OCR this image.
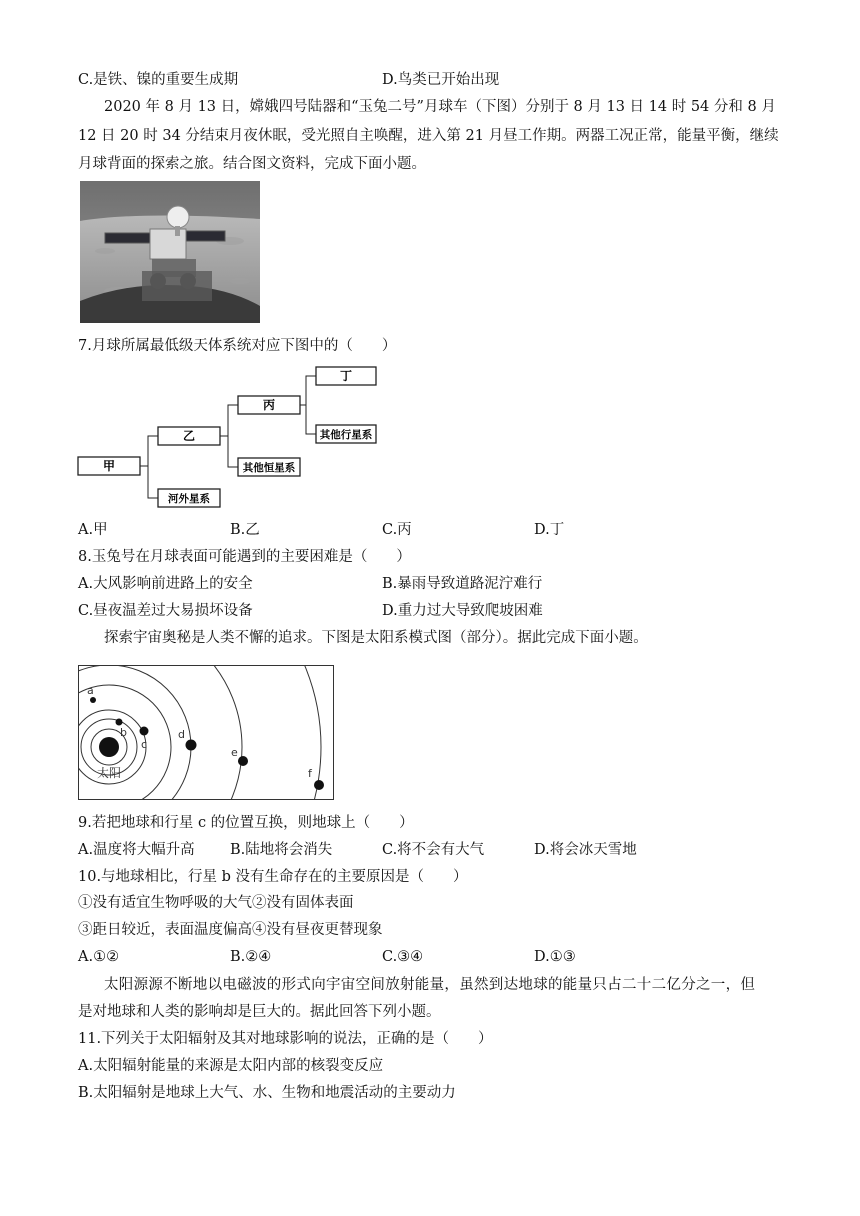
C.是铁、镍的重要生成期	D.鸟类已开始出现
2020 年 8 月 13 日，嫦娥四号陆器和“玉兔二号”月球车（下图）分别于 8 月 13 日 14 时 54 分和 8 月
12 日 20 时 34 分结束月夜休眠，受光照自主唤醒，进入第 21 月昼工作期。两器工况正常，能量平衡，继续
月球背面的探索之旅。结合图文资料，完成下面小题。
7.月球所属最低级天体系统对应下图中的（　　）
甲
乙
丙
丁
其他行星系
其他恒星系
河外星系
A.甲	B.乙	C.丙	D.丁
8.玉兔号在月球表面可能遇到的主要困难是（　　）
A.大风影响前进路上的安全	B.暴雨导致道路泥泞难行
C.昼夜温差过大易损坏设备	D.重力过大导致爬坡困难
探索宇宙奥秘是人类不懈的追求。下图是太阳系模式图（部分）。据此完成下面小题。
太阳
a
b
c
d
e
f
9.若把地球和行星 c 的位置互换，则地球上（　　）
A.温度将大幅升高 B.陆地将会消失	C.将不会有大气	D.将会冰天雪地
10.与地球相比，行星 b 没有生命存在的主要原因是（　　）
①没有适宜生物呼吸的大气②没有固体表面
③距日较近，表面温度偏高④没有昼夜更替现象
A.①②	B.②④	C.③④	D.①③
太阳源源不断地以电磁波的形式向宇宙空间放射能量，虽然到达地球的能量只占二十二亿分之一，但
是对地球和人类的影响却是巨大的。据此回答下列小题。
11.下列关于太阳辐射及其对地球影响的说法，正确的是（　　）
A.太阳辐射能量的来源是太阳内部的核裂变反应
B.太阳辐射是地球上大气、水、生物和地震活动的主要动力
